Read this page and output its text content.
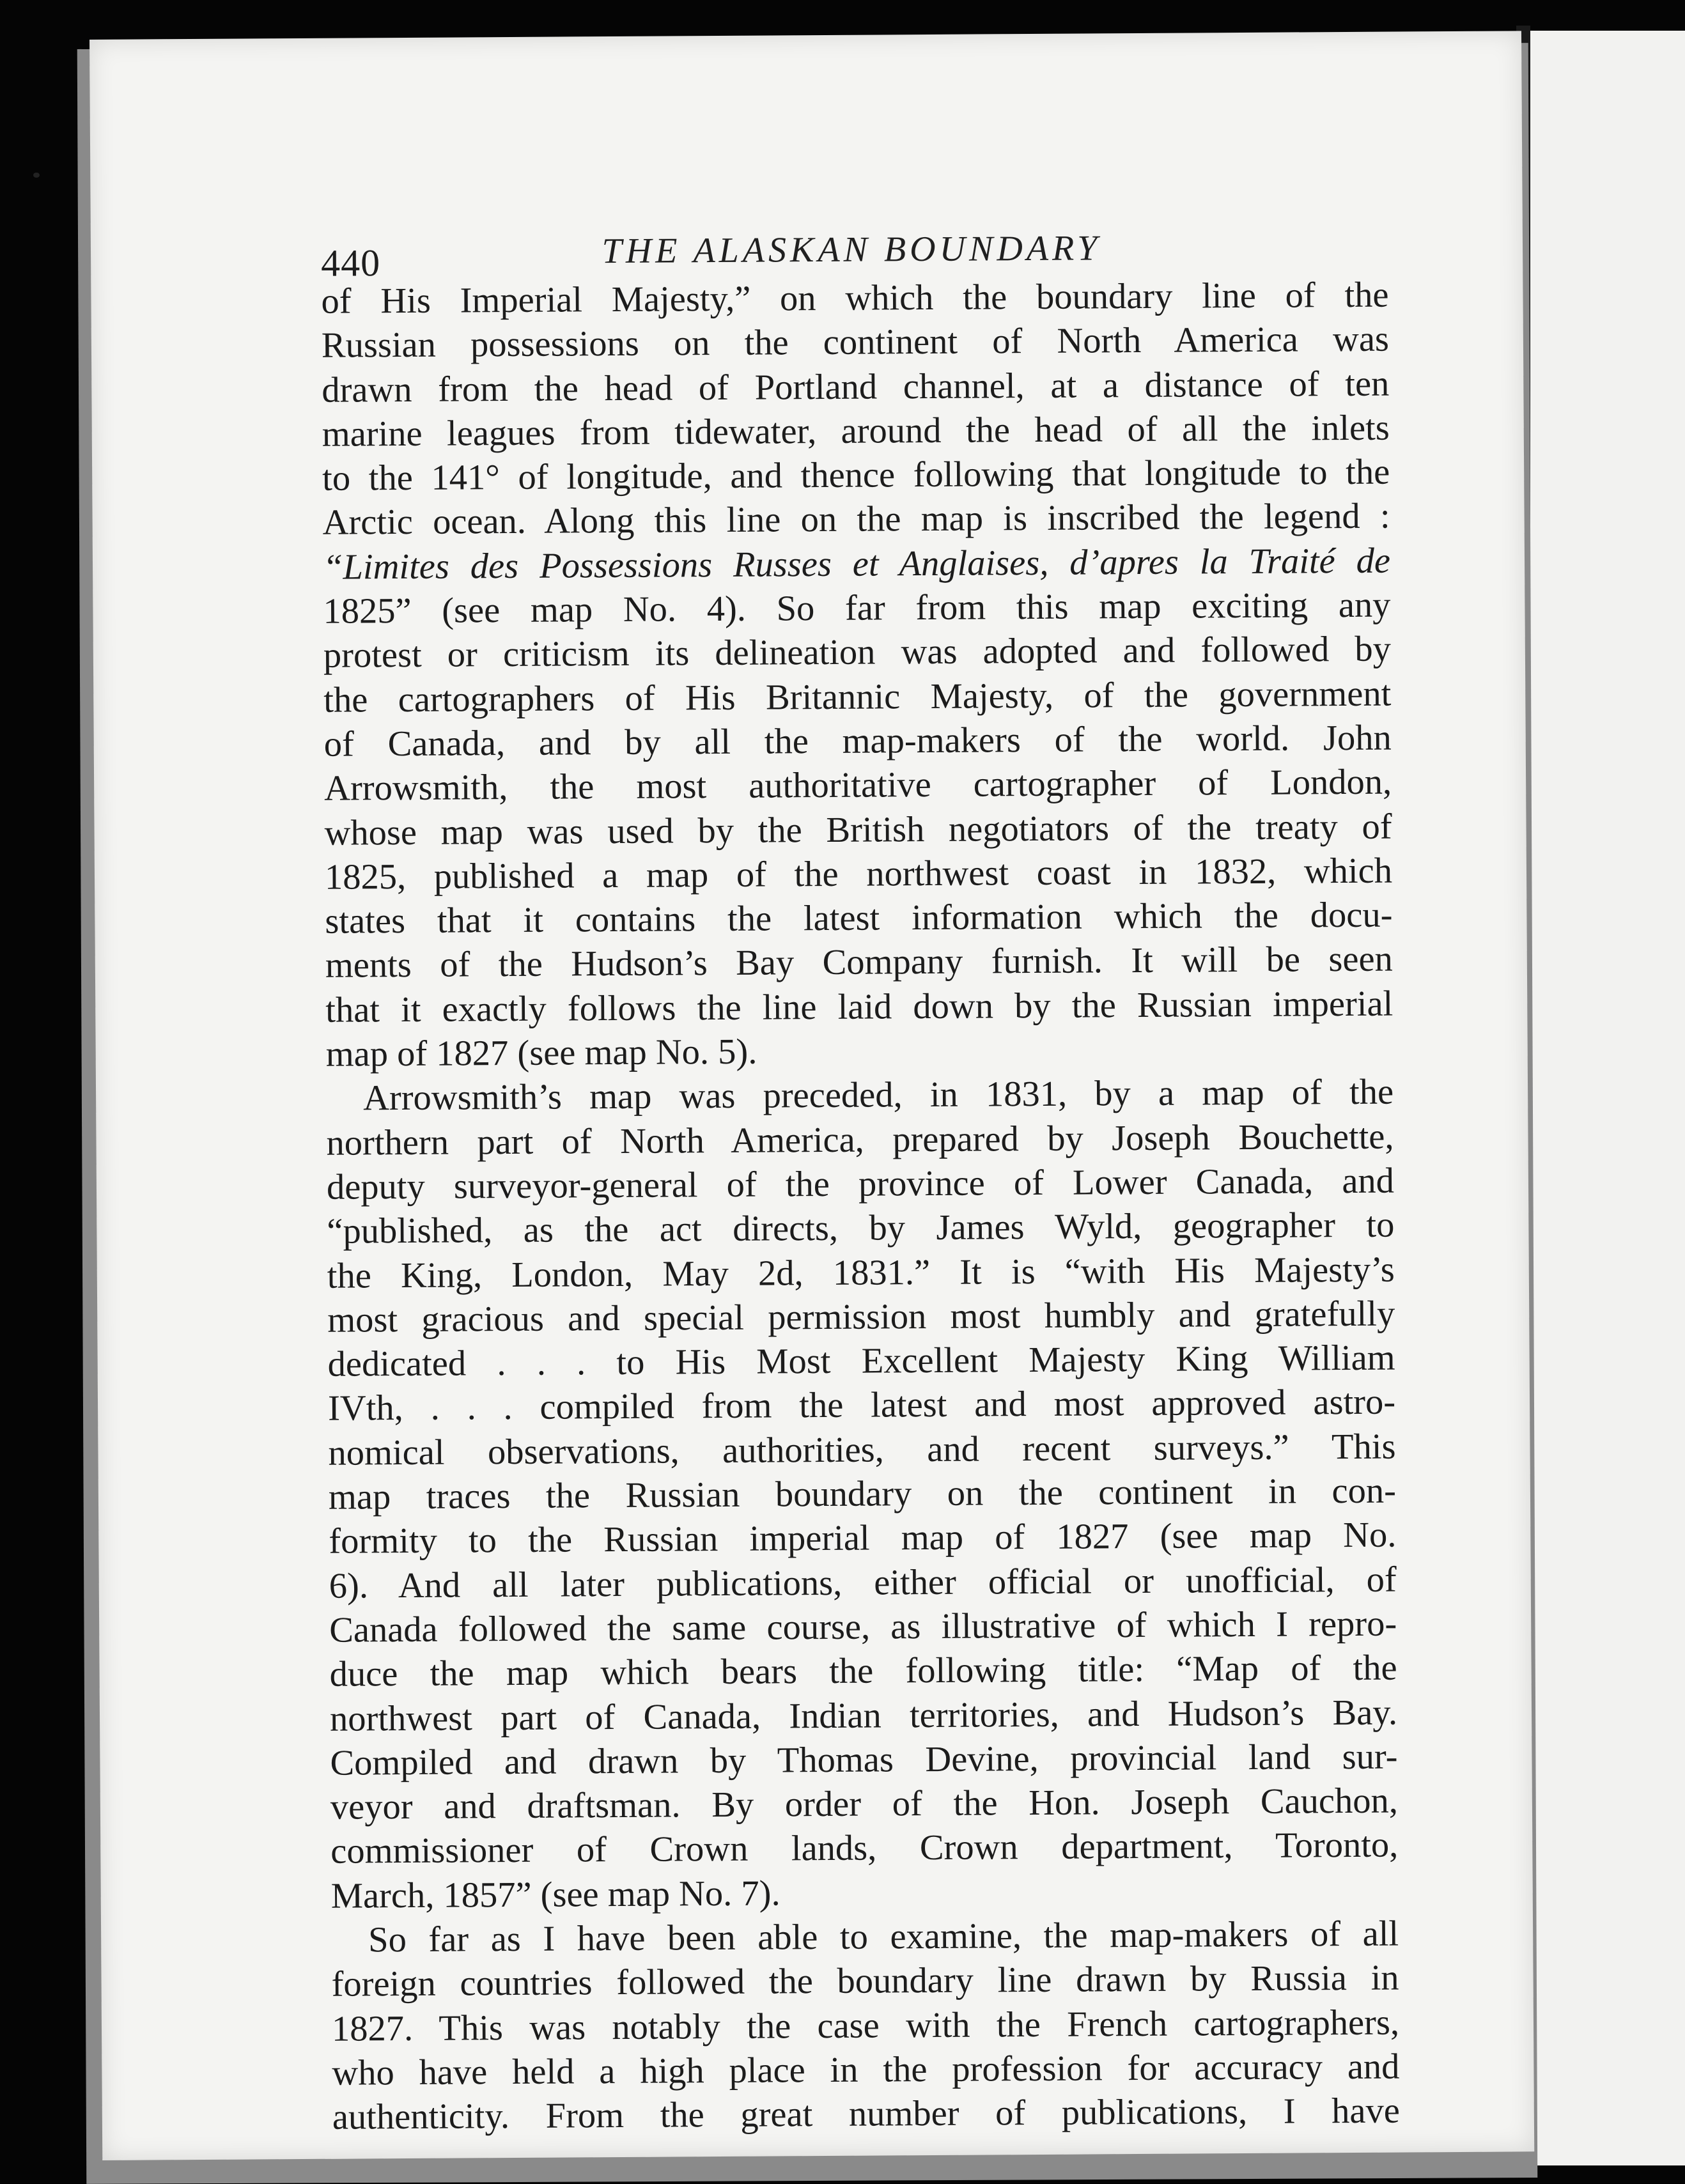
440	THE ALASKAN BOUNDARY
of His Imperial Majesty,” on which the boundary line of the
Russian possessions on the continent of North America was
drawn from the head of Portland channel, at a distance of ten
marine leagues from tidewater, around the head of all the inlets
to the 141° of longitude, and thence following that longitude to the
Arctic ocean. Along this line on the map is inscribed the legend :
“Limites des Possessions Russes et Anglaises, d’apres la Traité de
1825” (see map No. 4). So far from this map exciting any
protest or criticism its delineation was adopted and followed by
the cartographers of His Britannic Majesty, of the government
of Canada, and by all the map-makers of the world. John
Arrowsmith, the most authoritative cartographer of London,
whose map was used by the British negotiators of the treaty of
1825, published a map of the northwest coast in 1832, which
states that it contains the latest information which the docu-
ments of the Hudson’s Bay Company furnish. It will be seen
that it exactly follows the line laid down by the Russian imperial
map of 1827 (see map No. 5).
Arrowsmith’s map was preceded, in 1831, by a map of the
northern part of North America, prepared by Joseph Bouchette,
deputy surveyor-general of the province of Lower Canada, and
“published, as the act directs, by James Wyld, geographer to
the King, London, May 2d, 1831.” It is “with His Majesty’s
most gracious and special permission most humbly and gratefully
dedicated . . . to His Most Excellent Majesty King William
IVth, . . . compiled from the latest and most approved astro-
nomical observations, authorities, and recent surveys.” This
map traces the Russian boundary on the continent in con-
formity to the Russian imperial map of 1827 (see map No.
6). And all later publications, either official or unofficial, of
Canada followed the same course, as illustrative of which I repro-
duce the map which bears the following title: “Map of the
northwest part of Canada, Indian territories, and Hudson’s Bay.
Compiled and drawn by Thomas Devine, provincial land sur-
veyor and draftsman. By order of the Hon. Joseph Cauchon,
commissioner of Crown lands, Crown department, Toronto,
March, 1857” (see map No. 7).
So far as I have been able to examine, the map-makers of all
foreign countries followed the boundary line drawn by Russia in
1827. This was notably the case with the French cartographers,
who have held a high place in the profession for accuracy and
authenticity. From the great number of publications, I have
